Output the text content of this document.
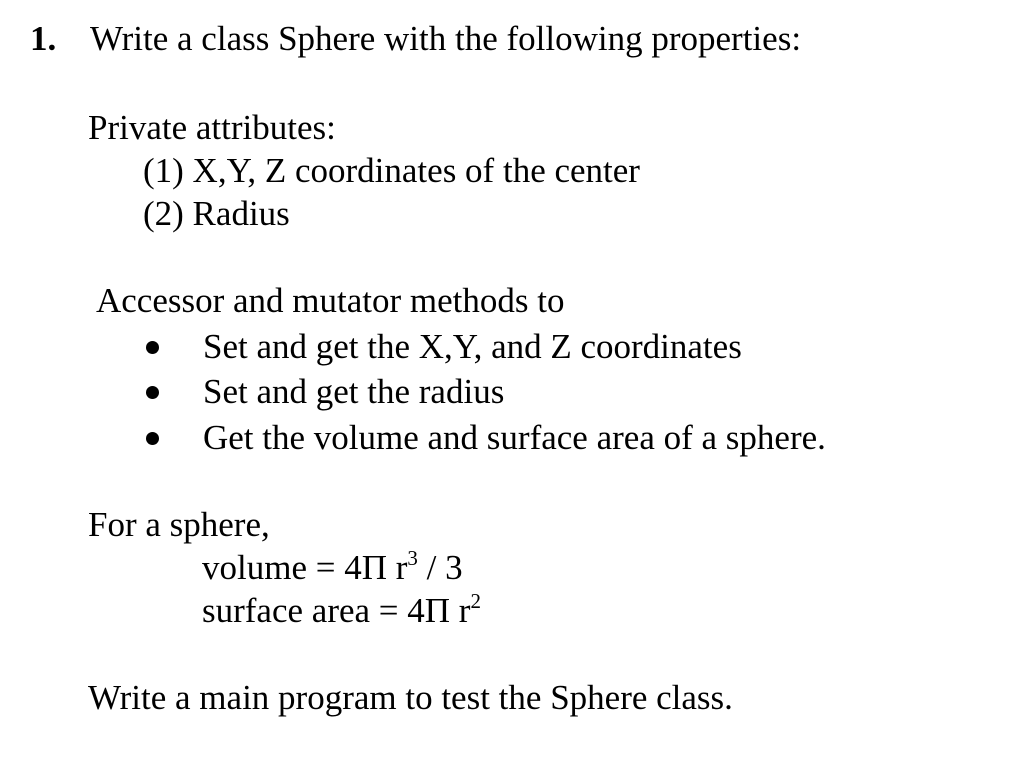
1. Write a class Sphere with the following properties:
Private attributes:
(1) X,Y, Z coordinates of the center
(2) Radius
Accessor and mutator methods to
Set and get the X,Y, and Z coordinates
Set and get the radius
Get the volume and surface area of a sphere.
For a sphere,
volume = 4Π $r^3 / 3$
surface area = 4Π $r^2$
Write a main program to test the Sphere class.
